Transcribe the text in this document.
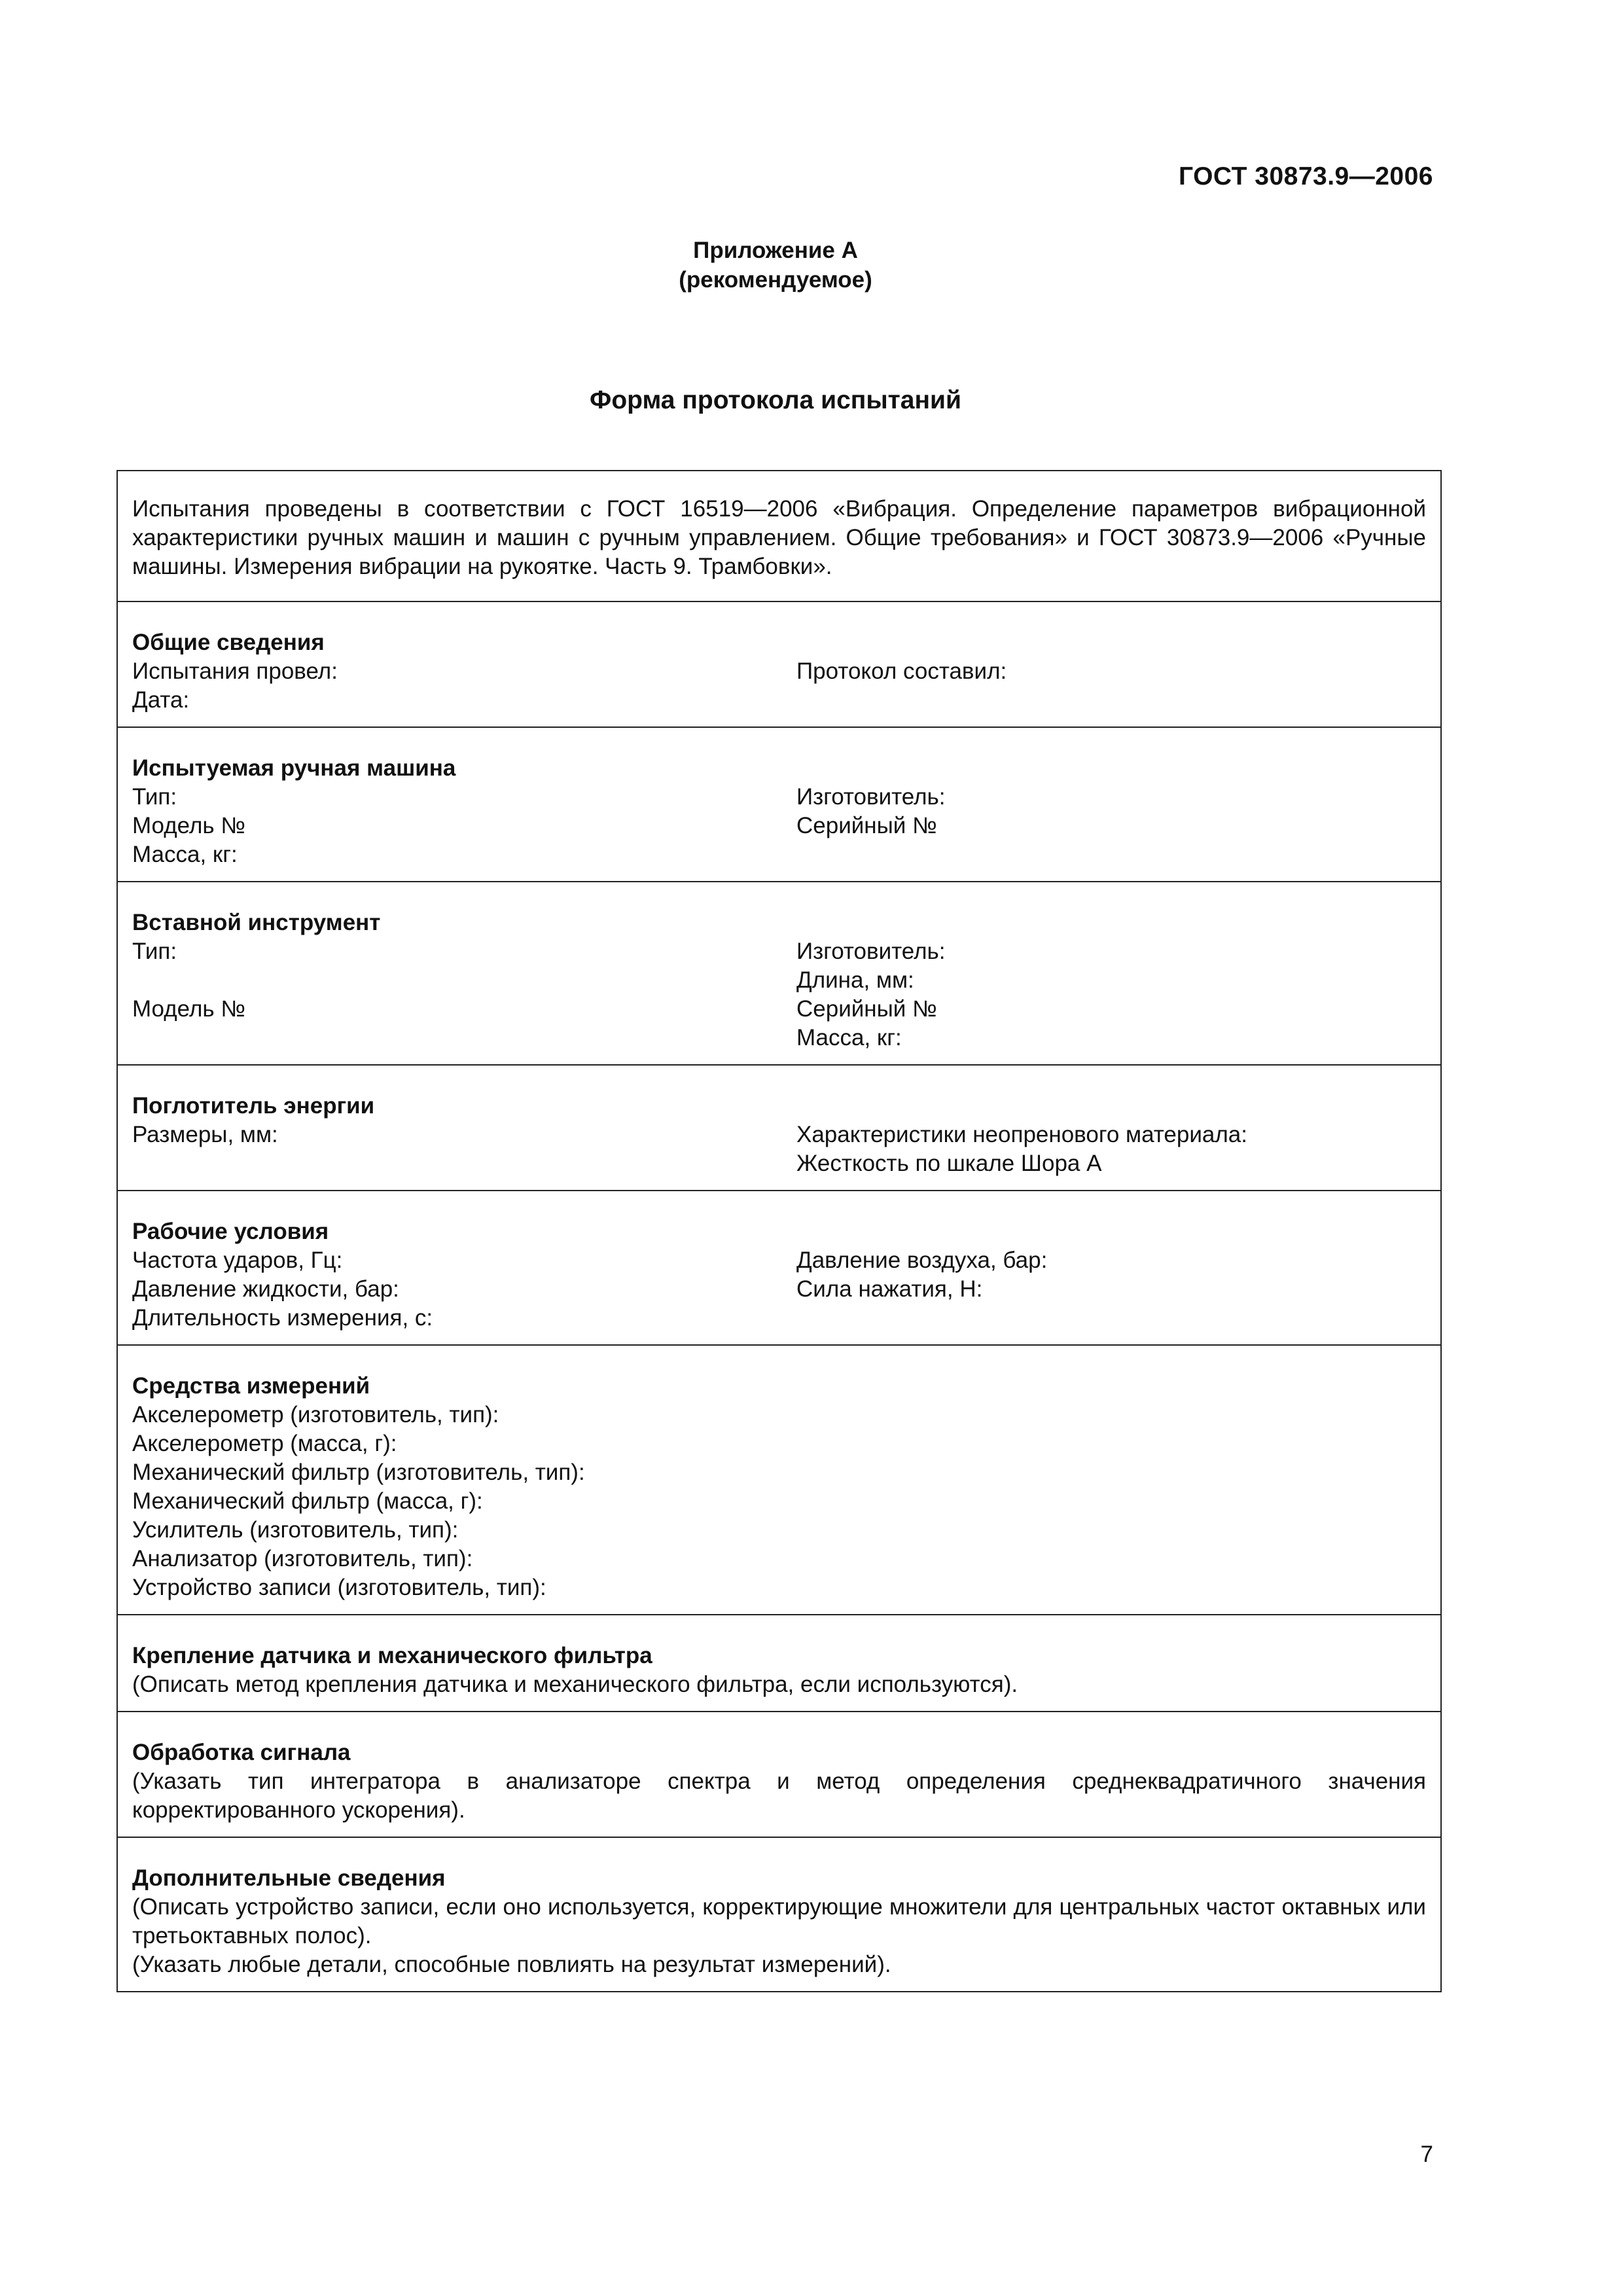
ГОСТ 30873.9—2006
Приложение А
(рекомендуемое)
Форма протокола испытаний
Испытания проведены в соответствии с ГОСТ 16519—2006 «Вибрация. Определение параметров вибрационной характеристики ручных машин и машин с ручным управлением. Общие требования» и ГОСТ 30873.9—2006 «Ручные машины. Измерения вибрации на рукоятке. Часть 9. Трамбовки».
Общие сведения
Испытания провел:
Дата:
Протокол составил:
Испытуемая ручная машина
Тип:
Модель №
Масса, кг:
Изготовитель:
Серийный №
Вставной инструмент
Тип:
Модель №
Изготовитель:
Длина, мм:
Серийный №
Масса, кг:
Поглотитель энергии
Размеры, мм:	Характеристики неопренового материала:
Жесткость по шкале Шора А
Рабочие условия
Частота ударов, Гц:
Давление жидкости, бар:
Длительность измерения, с:
Давление воздуха, бар:
Сила нажатия, Н:
Средства измерений
Акселерометр (изготовитель, тип):
Акселерометр (масса, г):
Механический фильтр (изготовитель, тип):
Механический фильтр (масса, г):
Усилитель (изготовитель, тип):
Анализатор (изготовитель, тип):
Устройство записи (изготовитель, тип):
Крепление датчика и механического фильтра
(Описать метод крепления датчика и механического фильтра, если используются).
Обработка сигнала
(Указать тип интегратора в анализаторе спектра и метод определения среднеквадратичного значения корректированного ускорения).
Дополнительные сведения
(Описать устройство записи, если оно используется, корректирующие множители для центральных частот октавных или третьоктавных полос).
(Указать любые детали, способные повлиять на результат измерений).
7
